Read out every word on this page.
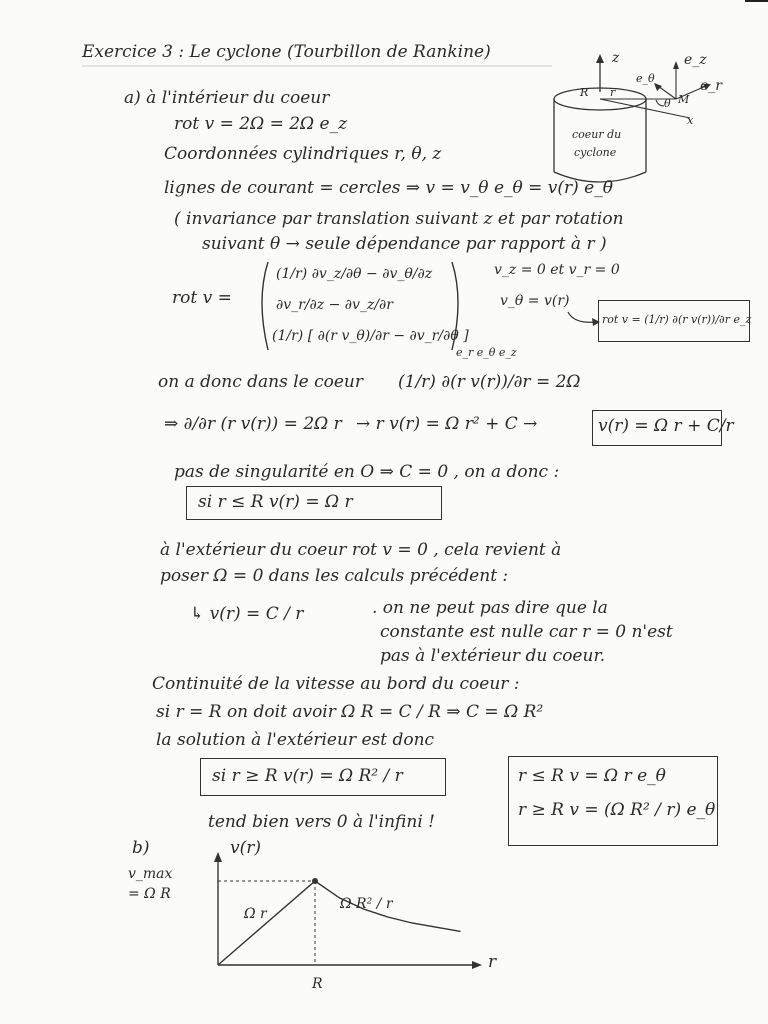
Exercice 3 : Le cyclone (Tourbillon de Rankine)	z	e_z
e_θ	e_r
M
θ
x
R r
coeur du
cyclone
a) à l'intérieur du coeur
rot v = 2Ω = 2Ω e_z
Coordonnées cylindriques r, θ, z
lignes de courant = cercles ⇒ v = v_θ e_θ = v(r) e_θ
( invariance par translation suivant z et par rotation
suivant θ → seule dépendance par rapport à r )
rot v =
(1/r) ∂v_z/∂θ − ∂v_θ/∂z
∂v_r/∂z − ∂v_z/∂r
(1/r) [ ∂(r v_θ)/∂r − ∂v_r/∂θ ]
e_r e_θ e_z
v_z = 0 et v_r = 0
v_θ = v(r)
rot v = (1/r) ∂(r v(r))/∂r e_z
on a donc dans le coeur (1/r) ∂(r v(r))/∂r = 2Ω
⇒ ∂/∂r (r v(r)) = 2Ω r → r v(r) = Ω r² + C →	v(r) = Ω r + C/r
pas de singularité en O ⇒ C = 0 , on a donc :
si r ≤ R v(r) = Ω r
à l'extérieur du coeur rot v = 0 , cela revient à
poser Ω = 0 dans les calculs précédent :
↳ v(r) = C / r	. on ne peut pas dire que la
constante est nulle car r = 0 n'est
pas à l'extérieur du coeur.
Continuité de la vitesse au bord du coeur :
si r = R on doit avoir Ω R = C / R ⇒ C = Ω R²
la solution à l'extérieur est donc
si r ≥ R v(r) = Ω R² / r	r ≤ R v = Ω r e_θ
r ≥ R v = (Ω R² / r) e_θ
tend bien vers 0 à l'infini !
b)
v_max
= Ω R
v(r)
r
R
Ω r
Ω R² / r
